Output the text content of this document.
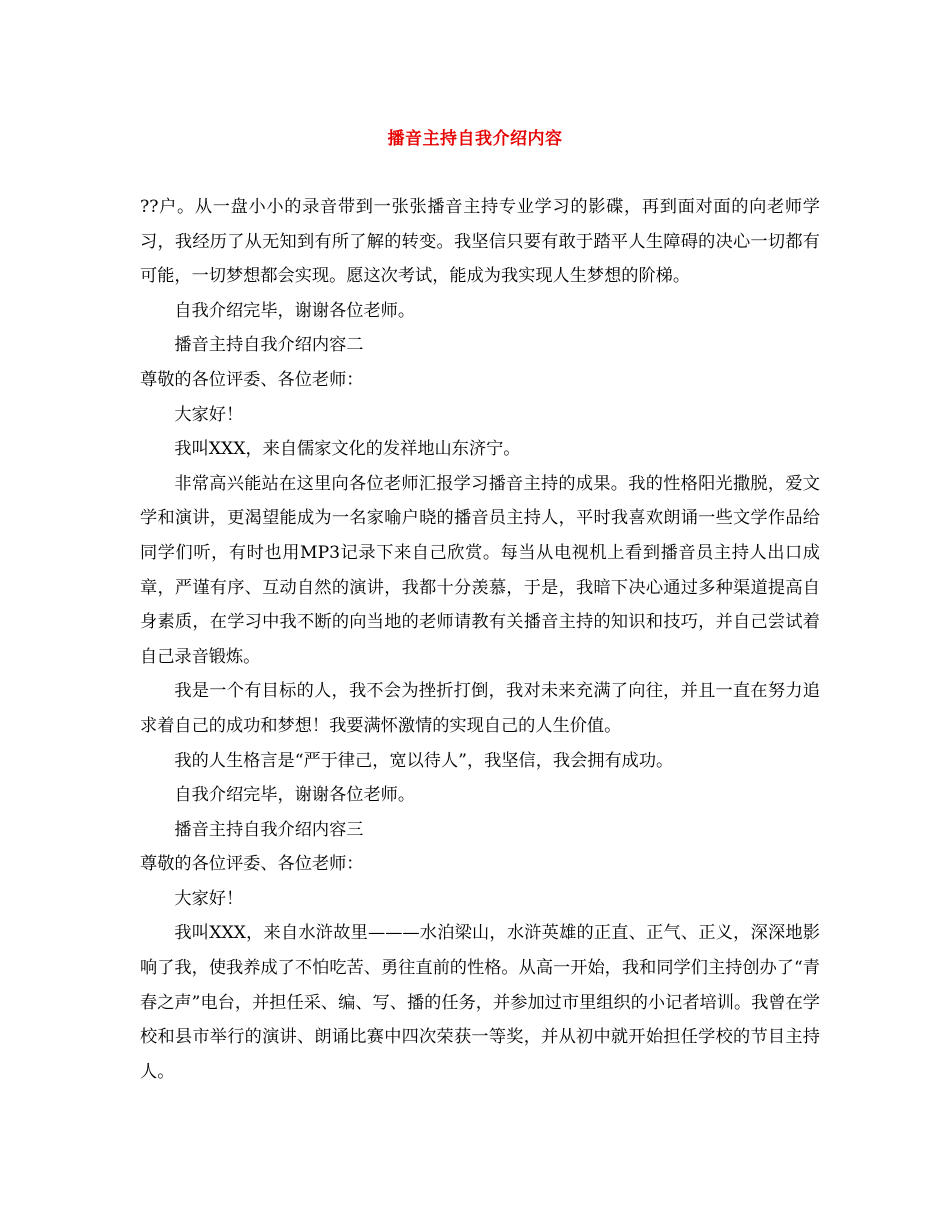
播音主持自我介绍内容

??户。从一盘小小的录音带到一张张播音主持专业学习的影碟，再到面对面的向老师学习，我经历了从无知到有所了解的转变。我坚信只要有敢于踏平人生障碍的决心一切都有可能，一切梦想都会实现。愿这次考试，能成为我实现人生梦想的阶梯。

自我介绍完毕，谢谢各位老师。

播音主持自我介绍内容二

尊敬的各位评委、各位老师：

大家好！

我叫XXX，来自儒家文化的发祥地山东济宁。

非常高兴能站在这里向各位老师汇报学习播音主持的成果。我的性格阳光撒脱，爱文学和演讲，更渴望能成为一名家喻户晓的播音员主持人，平时我喜欢朗诵一些文学作品给同学们听，有时也用MP3记录下来自己欣赏。每当从电视机上看到播音员主持人出口成章，严谨有序、互动自然的演讲，我都十分羡慕，于是，我暗下决心通过多种渠道提高自身素质，在学习中我不断的向当地的老师请教有关播音主持的知识和技巧，并自己尝试着自己录音锻炼。

我是一个有目标的人，我不会为挫折打倒，我对未来充满了向往，并且一直在努力追求着自己的成功和梦想！我要满怀激情的实现自己的人生价值。

我的人生格言是“严于律己，宽以待人”，我坚信，我会拥有成功。

自我介绍完毕，谢谢各位老师。

播音主持自我介绍内容三

尊敬的各位评委、各位老师：

大家好！

我叫XXX，来自水浒故里———水泊梁山，水浒英雄的正直、正气、正义，深深地影响了我，使我养成了不怕吃苦、勇往直前的性格。从高一开始，我和同学们主持创办了“青春之声”电台，并担任采、编、写、播的任务，并参加过市里组织的小记者培训。我曾在学校和县市举行的演讲、朗诵比赛中四次荣获一等奖，并从初中就开始担任学校的节目主持人。
